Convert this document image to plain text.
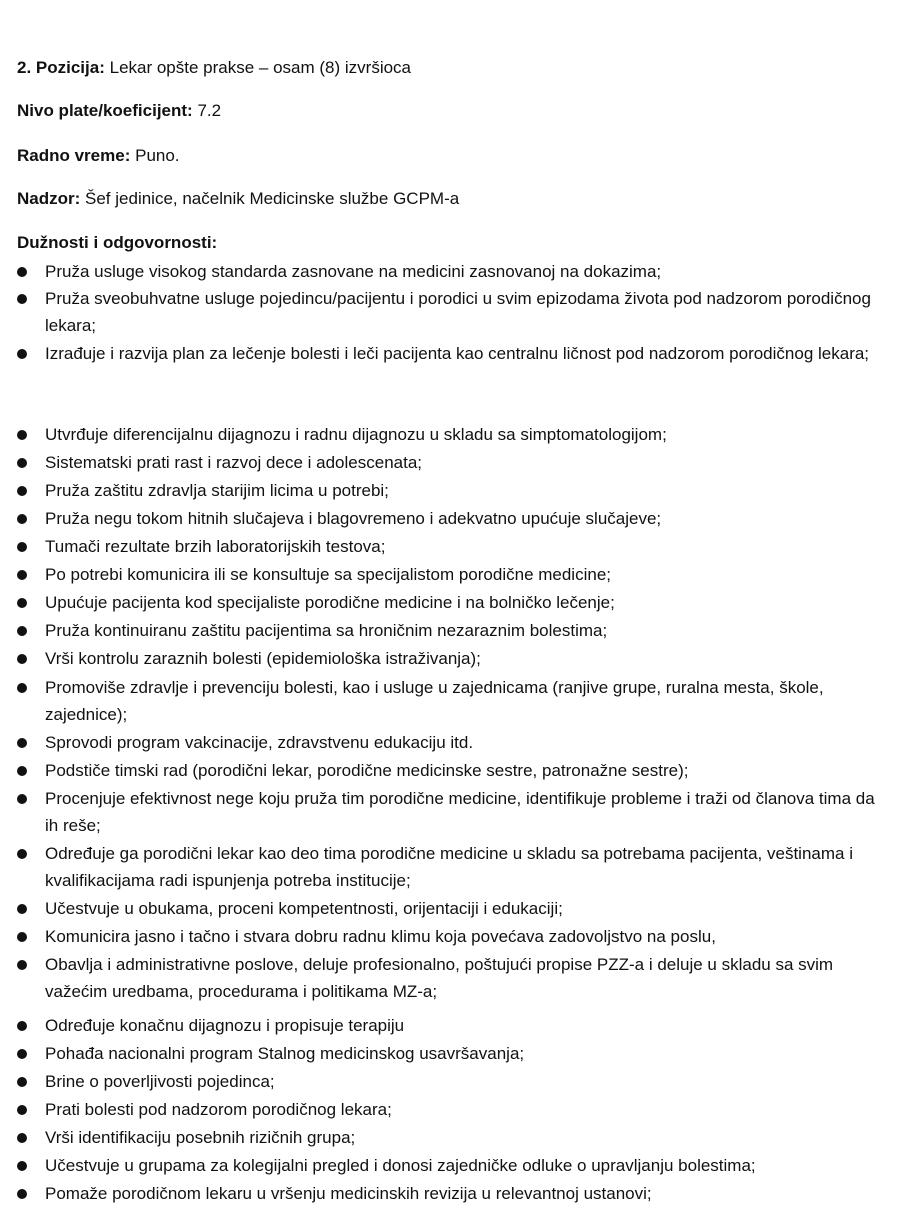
2. Pozicija: Lekar opšte prakse – osam (8) izvršioca
Nivo plate/koeficijent: 7.2
Radno vreme: Puno.
Nadzor: Šef jedinice, načelnik Medicinske službe GCPM-a
Dužnosti i odgovornosti:
Pruža usluge visokog standarda zasnovane na medicini zasnovanoj na dokazima;
Pruža sveobuhvatne usluge pojedincu/pacijentu i porodici u svim epizodama života pod nadzorom porodičnog lekara;
Izrađuje i razvija plan za lečenje bolesti i leči pacijenta kao centralnu ličnost pod nadzorom porodičnog lekara;
Utvrđuje diferencijalnu dijagnozu i radnu dijagnozu u skladu sa simptomatologijom;
Sistematski prati rast i razvoj dece i adolescenata;
Pruža zaštitu zdravlja starijim licima u potrebi;
Pruža negu tokom hitnih slučajeva i blagovremeno i adekvatno upućuje slučajeve;
Tumači rezultate brzih laboratorijskih testova;
Po potrebi komunicira ili se konsultuje sa specijalistom porodične medicine;
Upućuje pacijenta kod specijaliste porodične medicine i na bolničko lečenje;
Pruža kontinuiranu zaštitu pacijentima sa hroničnim nezaraznim bolestima;
Vrši kontrolu zaraznih bolesti (epidemiološka istraživanja);
Promoviše zdravlje i prevenciju bolesti, kao i usluge u zajednicama (ranjive grupe, ruralna mesta, škole, zajednice);
Sprovodi program vakcinacije, zdravstvenu edukaciju itd.
Podstiče timski rad (porodični lekar, porodične medicinske sestre, patronažne sestre);
Procenjuje efektivnost nege koju pruža tim porodične medicine, identifikuje probleme i traži od članova tima da ih reše;
Određuje ga porodični lekar kao deo tima porodične medicine u skladu sa potrebama pacijenta, veštinama i kvalifikacijama radi ispunjenja potreba institucije;
Učestvuje u obukama, proceni kompetentnosti, orijentaciji i edukaciji;
Komunicira jasno i tačno i stvara dobru radnu klimu koja povećava zadovoljstvo na poslu,
Obavlja i administrativne poslove, deluje profesionalno, poštujući propise PZZ-a i deluje u skladu sa svim važećim uredbama, procedurama i politikama MZ-a;
Određuje konačnu dijagnozu i propisuje terapiju
Pohađa nacionalni program Stalnog medicinskog usavršavanja;
Brine o poverljivosti pojedinca;
Prati bolesti pod nadzorom porodičnog lekara;
Vrši identifikaciju posebnih rizičnih grupa;
Učestvuje u grupama za kolegijalni pregled i donosi zajedničke odluke o upravljanju bolestima;
Pomaže porodičnom lekaru u vršenju medicinskih revizija u relevantnoj ustanovi;
